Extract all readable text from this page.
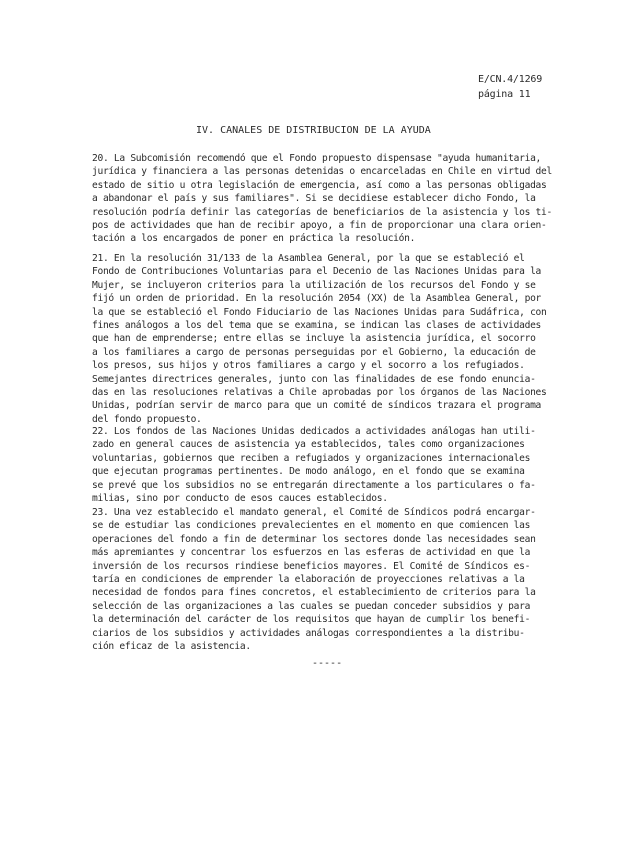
E/CN.4/1269
página 11
IV. CANALES DE DISTRIBUCION DE LA AYUDA
20. La Subcomisión recomendó que el Fondo propuesto dispensase "ayuda humanitaria,
jurídica y financiera a las personas detenidas o encarceladas en Chile en virtud del
estado de sitio u otra legislación de emergencia, así como a las personas obligadas
a abandonar el país y sus familiares". Si se decidiese establecer dicho Fondo, la
resolución podría definir las categorías de beneficiarios de la asistencia y los ti-
pos de actividades que han de recibir apoyo, a fin de proporcionar una clara orien-
tación a los encargados de poner en práctica la resolución.
21. En la resolución 31/133 de la Asamblea General, por la que se estableció el
Fondo de Contribuciones Voluntarias para el Decenio de las Naciones Unidas para la
Mujer, se incluyeron criterios para la utilización de los recursos del Fondo y se
fijó un orden de prioridad. En la resolución 2054 (XX) de la Asamblea General, por
la que se estableció el Fondo Fiduciario de las Naciones Unidas para Sudáfrica, con
fines análogos a los del tema que se examina, se indican las clases de actividades
que han de emprenderse; entre ellas se incluye la asistencia jurídica, el socorro
a los familiares a cargo de personas perseguidas por el Gobierno, la educación de
los presos, sus hijos y otros familiares a cargo y el socorro a los refugiados.
Semejantes directrices generales, junto con las finalidades de ese fondo enuncia-
das en las resoluciones relativas a Chile aprobadas por los órganos de las Naciones
Unidas, podrían servir de marco para que un comité de síndicos trazara el programa
del fondo propuesto.
22. Los fondos de las Naciones Unidas dedicados a actividades análogas han utili-
zado en general cauces de asistencia ya establecidos, tales como organizaciones
voluntarias, gobiernos que reciben a refugiados y organizaciones internacionales
que ejecutan programas pertinentes. De modo análogo, en el fondo que se examina
se prevé que los subsidios no se entregarán directamente a los particulares o fa-
milias, sino por conducto de esos cauces establecidos.
23. Una vez establecido el mandato general, el Comité de Síndicos podrá encargar-
se de estudiar las condiciones prevalecientes en el momento en que comiencen las
operaciones del fondo a fin de determinar los sectores donde las necesidades sean
más apremiantes y concentrar los esfuerzos en las esferas de actividad en que la
inversión de los recursos rindiese beneficios mayores. El Comité de Síndicos es-
taría en condiciones de emprender la elaboración de proyecciones relativas a la
necesidad de fondos para fines concretos, el establecimiento de criterios para la
selección de las organizaciones a las cuales se puedan conceder subsidios y para
la determinación del carácter de los requisitos que hayan de cumplir los benefi-
ciarios de los subsidios y actividades análogas correspondientes a la distribu-
ción eficaz de la asistencia.
-----
